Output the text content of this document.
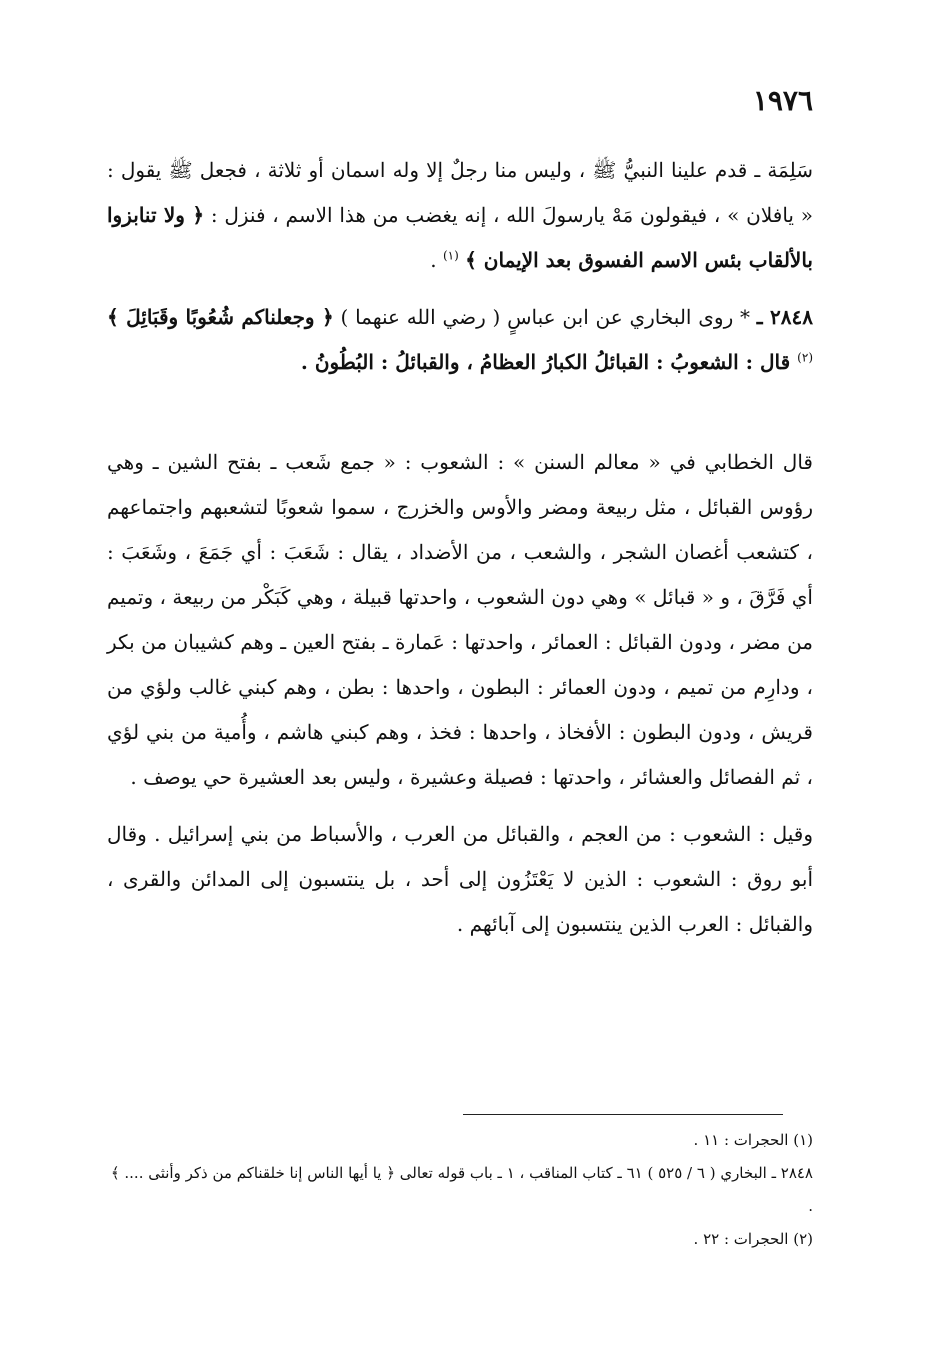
١٩٧٦

سَلِمَة ـ قدم علينا النبيُّ ﷺ ، وليس منا رجلٌ إلا وله اسمان أو ثلاثة ، فجعل ﷺ يقول : « يافلان » ، فيقولون مَهْ يارسولَ الله ، إنه يغضب من هذا الاسم ، فنزل : ﴿ ولا تنابزوا بالألقاب بئس الاسم الفسوق بعد الإيمان ﴾ $^{(١)}$ .

٢٨٤٨ ـ * روى البخاري عن ابن عباسٍ ( رضي الله عنهما ) ﴿ وجعلناكم شُعُوبًا وقَبَائِلَ ﴾ $^{(٢)}$ قال : الشعوبُ : القبائلُ الكبارُ العظامُ ، والقبائلُ : البُطُونُ .

قال الخطابي في « معالم السنن » : الشعوب : « جمع شَعب ـ بفتح الشين ـ وهي رؤوس القبائل ، مثل ربيعة ومضر والأوس والخزرج ، سموا شعوبًا لتشعبهم واجتماعهم ، كتشعب أغصان الشجر ، والشعب ، من الأضداد ، يقال : شَعَبَ : أي جَمَعَ ، وشَعَبَ : أي فَرَّقَ ، و « قبائل » وهي دون الشعوب ، واحدتها قبيلة ، وهي كَبَكْر من ربيعة ، وتميم من مضر ، ودون القبائل : العمائر ، واحدتها : عَمارة ـ بفتح العين ـ وهم كشيبان من بكر ، ودارِم من تميم ، ودون العمائر : البطون ، واحدها : بطن ، وهم كبني غالب ولؤي من قريش ، ودون البطون : الأفخاذ ، واحدها : فخذ ، وهم كبني هاشم ، وأُمية من بني لؤي ، ثم الفصائل والعشائر ، واحدتها : فصيلة وعشيرة ، وليس بعد العشيرة حي يوصف .

وقيل : الشعوب : من العجم ، والقبائل من العرب ، والأسباط من بني إسرائيل . وقال أبو روق : الشعوب : الذين لا يَعْتَزُون إلى أحد ، بل ينتسبون إلى المدائن والقرى ، والقبائل : العرب الذين ينتسبون إلى آبائهم .

(١) الحجرات : ١١ .

٢٨٤٨ ـ البخاري ( ٦ / ٥٢٥ ) ٦١ ـ كتاب المناقب ، ١ ـ باب قوله تعالى ﴿ يا أيها الناس إنا خلقناكم من ذكر وأنثى .... ﴾ .

(٢) الحجرات : ٢٢ .
